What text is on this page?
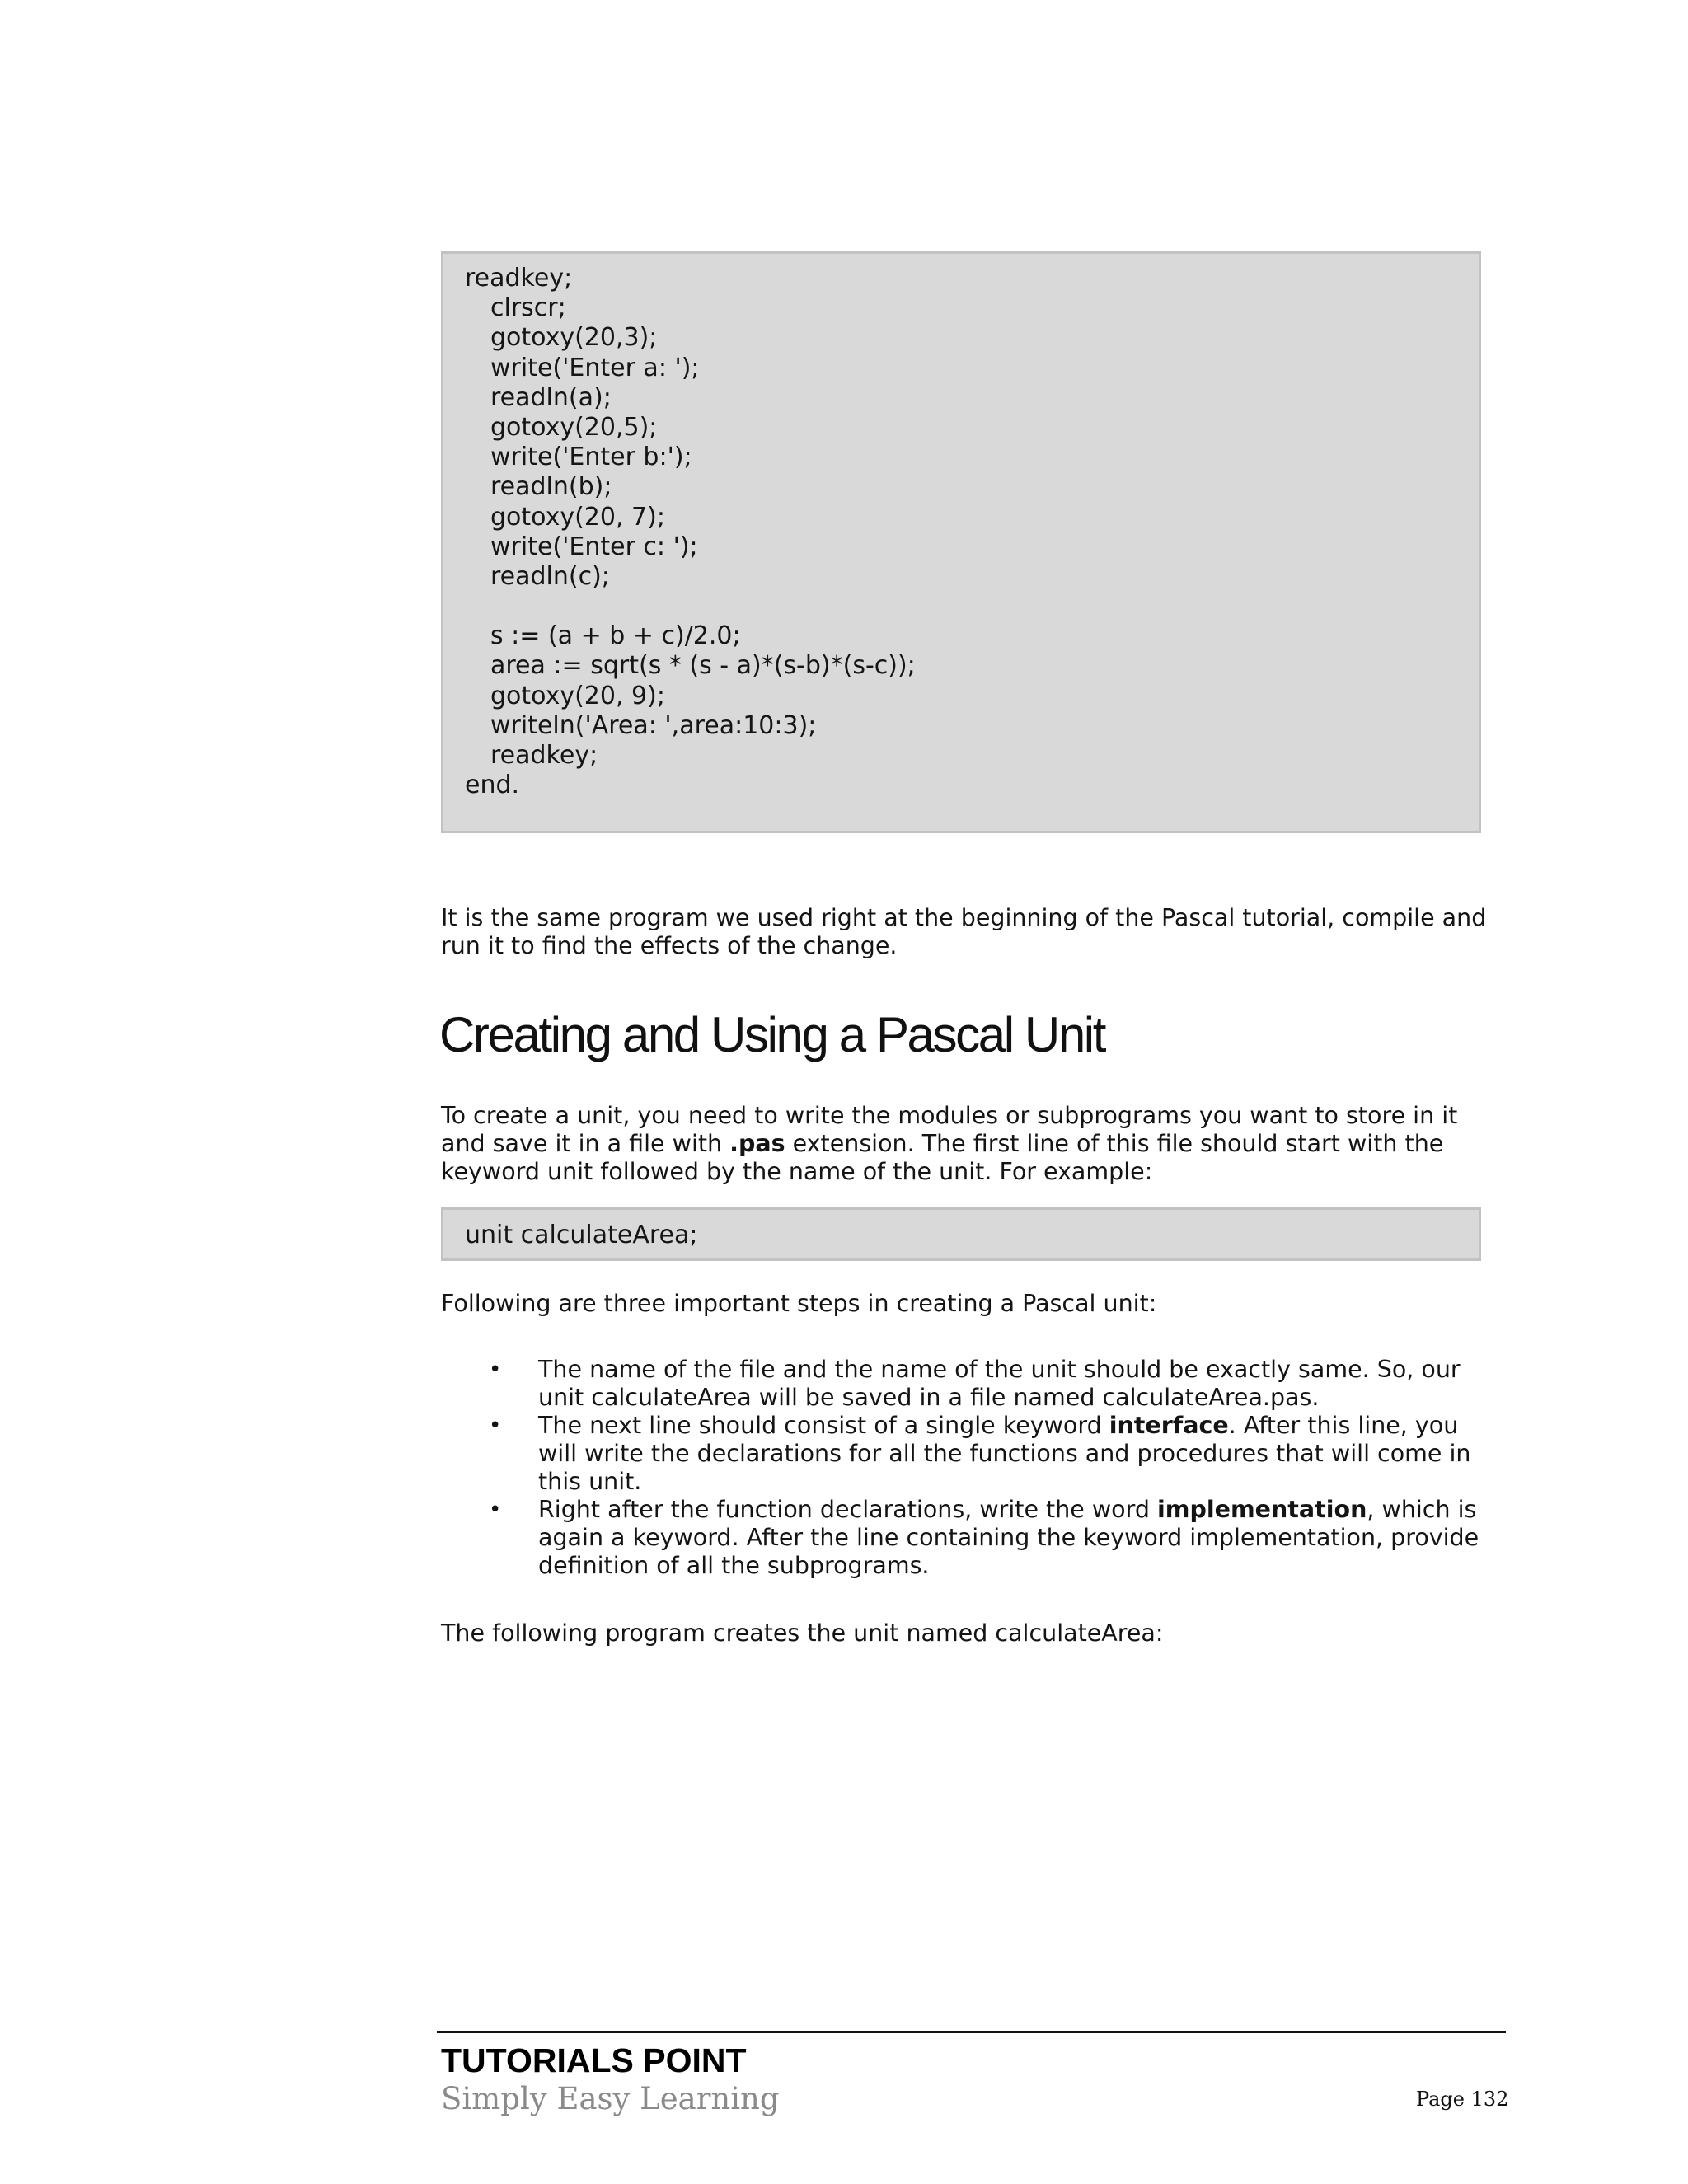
readkey;
clrscr;
gotoxy(20,3);
write('Enter a: ');
readln(a);
gotoxy(20,5);
write('Enter b:');
readln(b);
gotoxy(20, 7);
write('Enter c: ');
readln(c);
s := (a + b + c)/2.0;
area := sqrt(s * (s - a)*(s-b)*(s-c));
gotoxy(20, 9);
writeln('Area: ',area:10:3);
readkey;
end.

It is the same program we used right at the beginning of the Pascal tutorial, compile and run it to find the effects of the change.

Creating and Using a Pascal Unit

To create a unit, you need to write the modules or subprograms you want to store in it and save it in a file with .pas extension. The first line of this file should start with the keyword unit followed by the name of the unit. For example:

unit calculateArea;

Following are three important steps in creating a Pascal unit:

• The name of the file and the name of the unit should be exactly same. So, our unit calculateArea will be saved in a file named calculateArea.pas.
• The next line should consist of a single keyword interface. After this line, you will write the declarations for all the functions and procedures that will come in this unit.
• Right after the function declarations, write the word implementation, which is again a keyword. After the line containing the keyword implementation, provide definition of all the subprograms.

The following program creates the unit named calculateArea:

TUTORIALS POINT
Simply Easy Learning	Page 132
